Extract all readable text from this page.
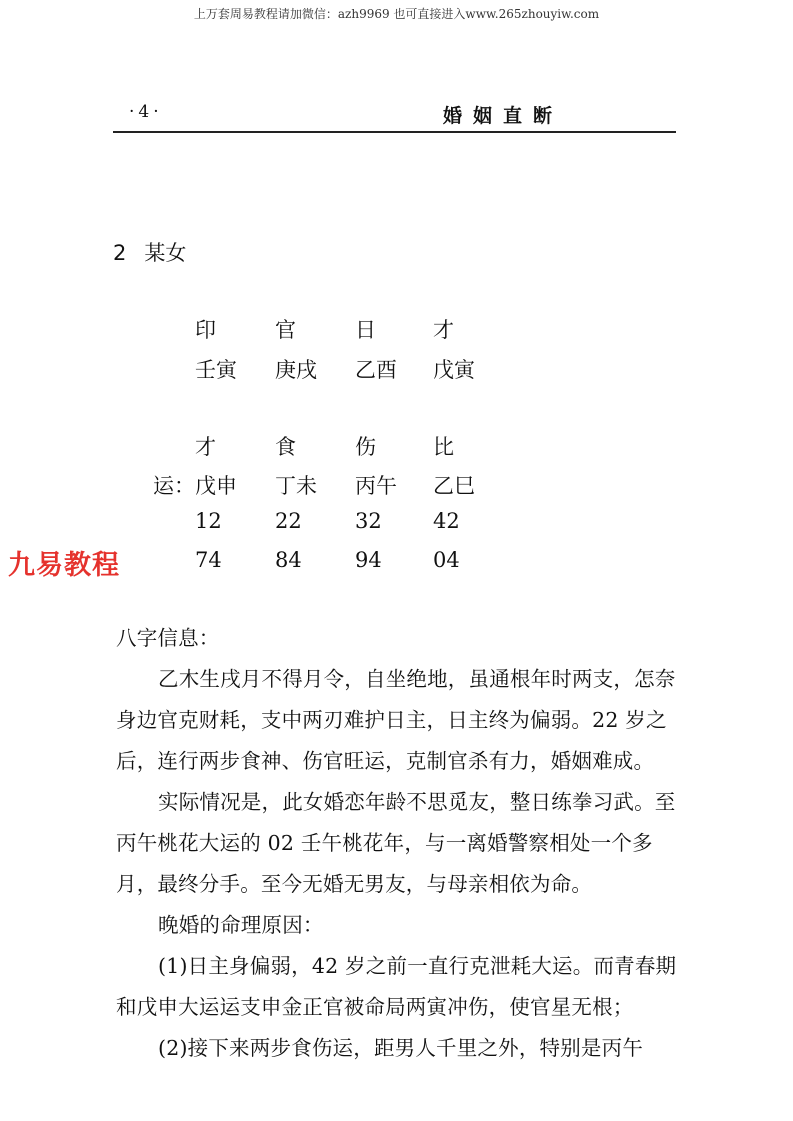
上万套周易教程请加微信：azh9969 也可直接进入www.265zhouyiw.com
·4·	婚姻直断
2 某女
印	官	日	才
壬寅 庚戌 乙酉 戊寅
才	食	伤	比
运： 戊申 丁未 丙午 乙巳
12	22	32 42
74	84	94 04
九易教程

八字信息：

乙木生戌月不得月令，自坐绝地，虽通根年时两支，怎奈身边官克财耗，支中两刃难护日主，日主终为偏弱。22 岁之后，连行两步食神、伤官旺运，克制官杀有力，婚姻难成。

实际情况是，此女婚恋年龄不思觅友，整日练拳习武。至丙午桃花大运的 02 壬午桃花年，与一离婚警察相处一个多月，最终分手。至今无婚无男友，与母亲相依为命。

晚婚的命理原因：

(1)日主身偏弱，42 岁之前一直行克泄耗大运。而青春期和戊申大运运支申金正官被命局两寅冲伤，使官星无根；

(2)接下来两步食伤运，距男人千里之外，特别是丙午
